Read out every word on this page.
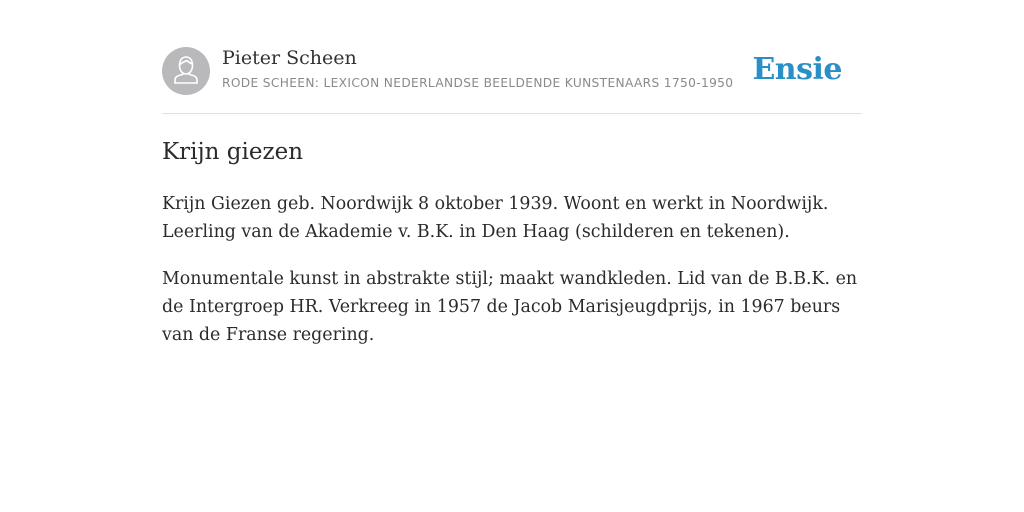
Pieter Scheen
RODE SCHEEN: LEXICON NEDERLANDSE BEELDENDE KUNSTENAARS 1750-1950 Ensie
Krijn giezen

Krijn Giezen geb. Noordwijk 8 oktober 1939. Woont en werkt in Noordwijk. Leerling van de Akademie v. B.K. in Den Haag (schilderen en tekenen).

Monumentale kunst in abstrakte stijl; maakt wandkleden. Lid van de B.B.K. en de Intergroep HR. Verkreeg in 1957 de Jacob Marisjeugdprijs, in 1967 beurs van de Franse regering.
